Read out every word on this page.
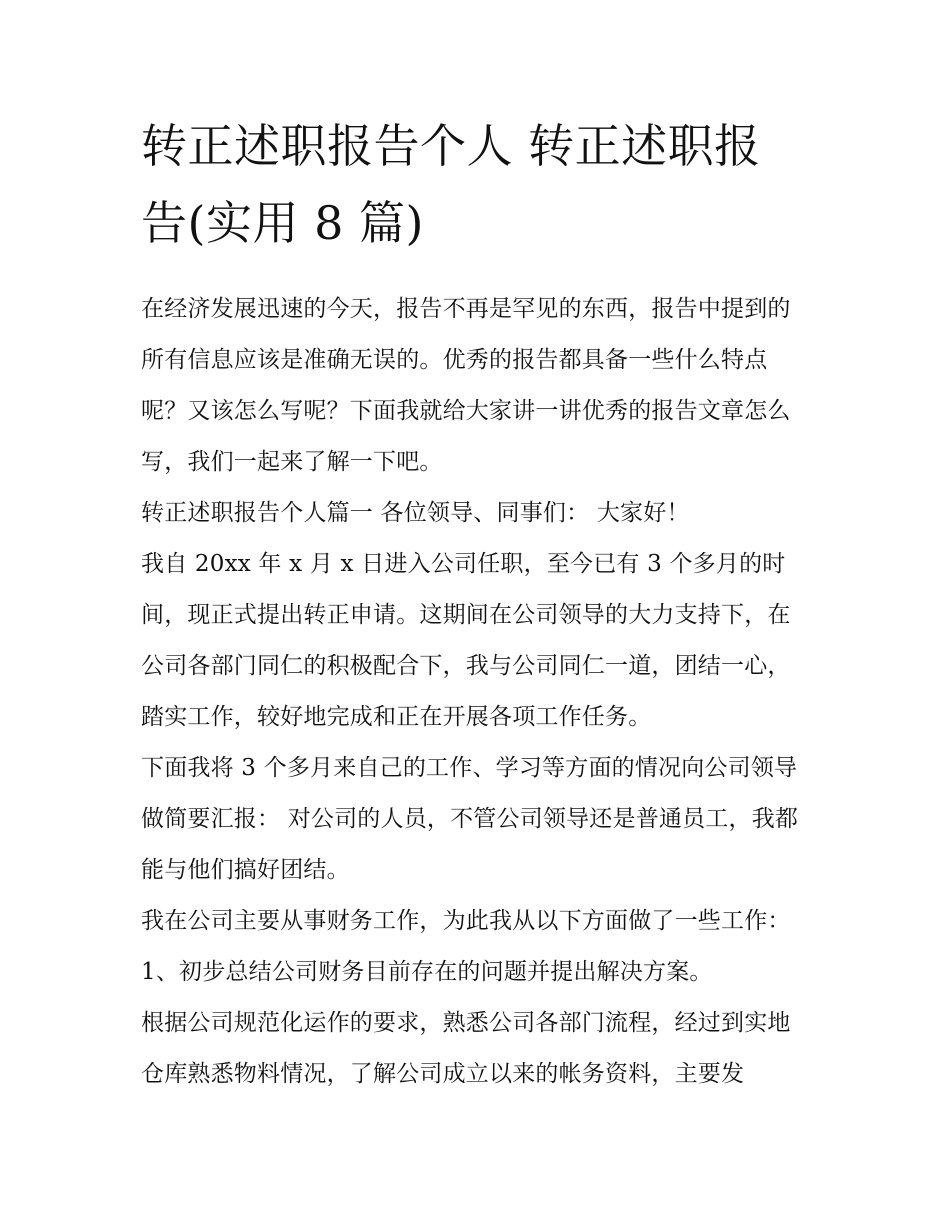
转正述职报告个人 转正述职报
告(实用 8 篇)

在经济发展迅速的今天，报告不再是罕见的东西，报告中提到的所有信息应该是准确无误的。优秀的报告都具备一些什么特点呢？又该怎么写呢？下面我就给大家讲一讲优秀的报告文章怎么写，我们一起来了解一下吧。

转正述职报告个人篇一 各位领导、同事们： 大家好！

我自 20xx 年 x 月 x 日进入公司任职，至今已有 3 个多月的时间，现正式提出转正申请。这期间在公司领导的大力支持下，在公司各部门同仁的积极配合下，我与公司同仁一道，团结一心，踏实工作，较好地完成和正在开展各项工作任务。

下面我将 3 个多月来自己的工作、学习等方面的情况向公司领导做简要汇报： 对公司的人员，不管公司领导还是普通员工，我都能与他们搞好团结。

我在公司主要从事财务工作，为此我从以下方面做了一些工作： 1、初步总结公司财务目前存在的问题并提出解决方案。

根据公司规范化运作的要求，熟悉公司各部门流程，经过到实地仓库熟悉物料情况，了解公司成立以来的帐务资料，主要发
